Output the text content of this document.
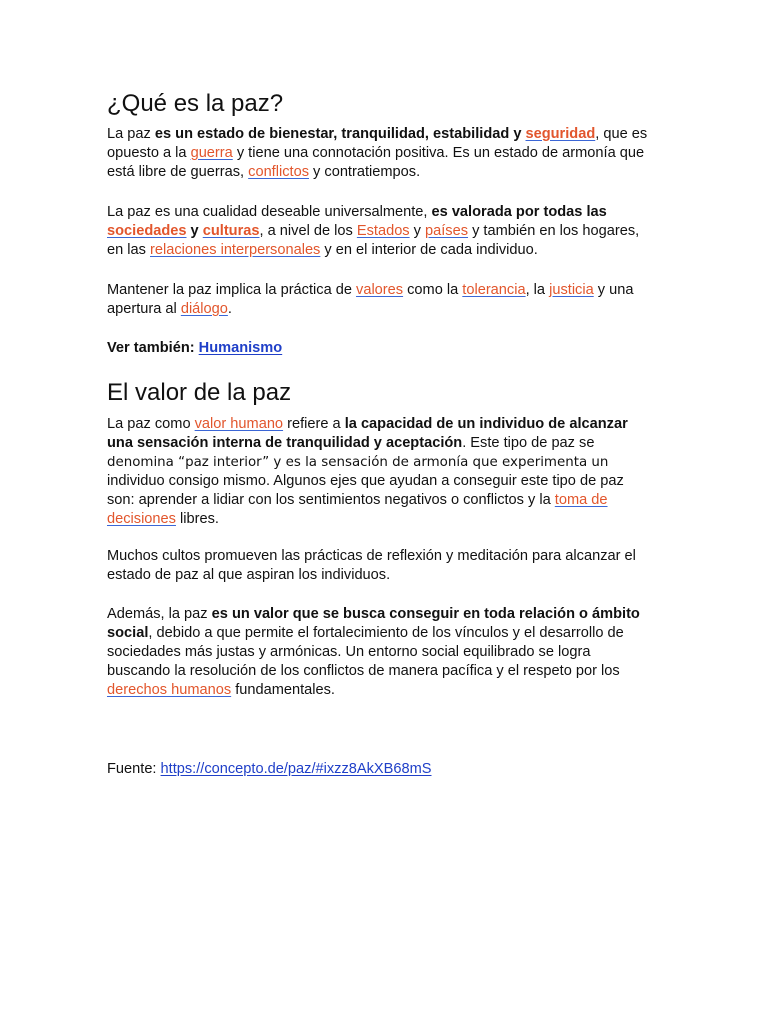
¿Qué es la paz?

La paz es un estado de bienestar, tranquilidad, estabilidad y seguridad, que es opuesto a la guerra y tiene una connotación positiva. Es un estado de armonía que está libre de guerras, conflictos y contratiempos.

La paz es una cualidad deseable universalmente, es valorada por todas las sociedades y culturas, a nivel de los Estados y países y también en los hogares, en las relaciones interpersonales y en el interior de cada individuo.

Mantener la paz implica la práctica de valores como la tolerancia, la justicia y una apertura al diálogo.

Ver también: Humanismo

El valor de la paz

La paz como valor humano refiere a la capacidad de un individuo de alcanzar una sensación interna de tranquilidad y aceptación. Este tipo de paz se denomina “paz interior” y es la sensación de armonía que experimenta un individuo consigo mismo. Algunos ejes que ayudan a conseguir este tipo de paz son: aprender a lidiar con los sentimientos negativos o conflictos y la toma de decisiones libres.

Muchos cultos promueven las prácticas de reflexión y meditación para alcanzar el estado de paz al que aspiran los individuos.

Además, la paz es un valor que se busca conseguir en toda relación o ámbito social, debido a que permite el fortalecimiento de los vínculos y el desarrollo de sociedades más justas y armónicas. Un entorno social equilibrado se logra buscando la resolución de los conflictos de manera pacífica y el respeto por los derechos humanos fundamentales.

Fuente: https://concepto.de/paz/#ixzz8AkXB68mS
